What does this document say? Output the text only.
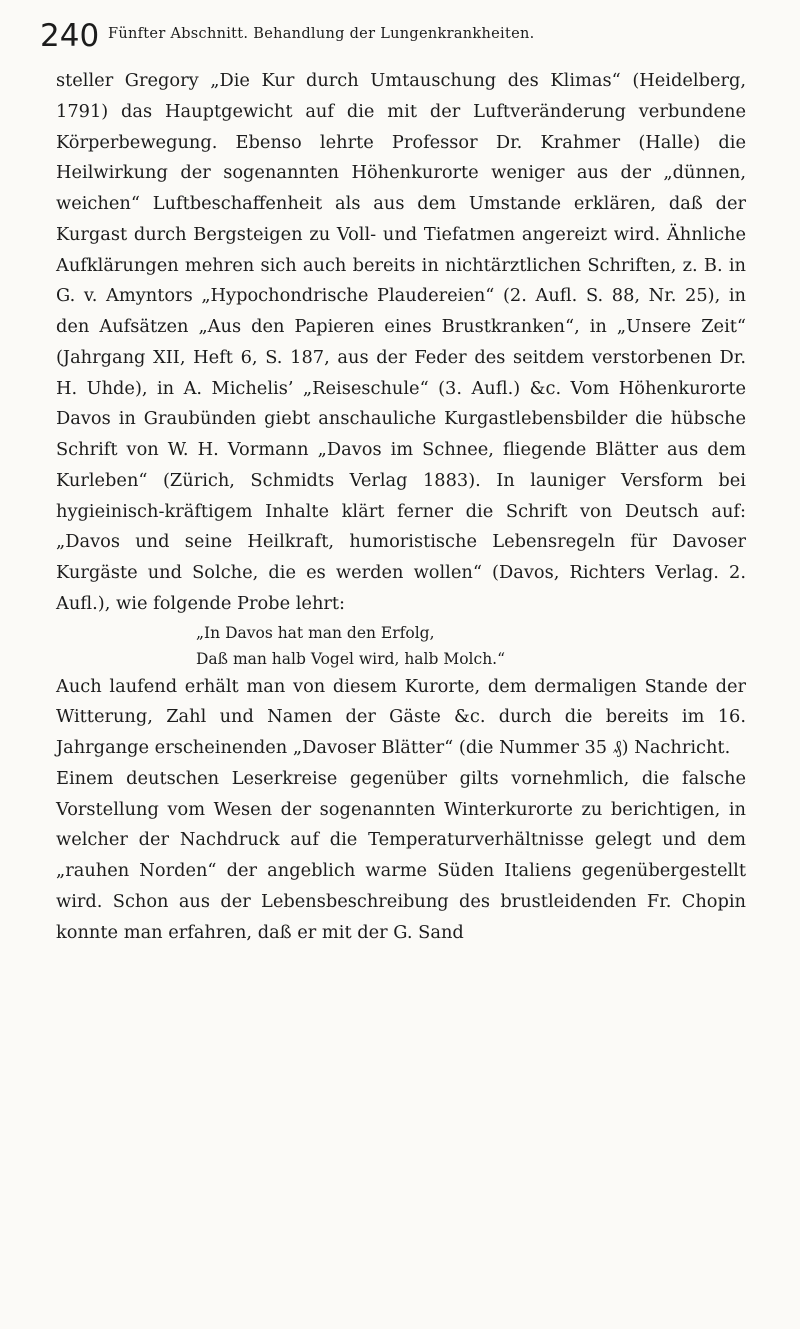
240 Fünfter Abschnitt. Behandlung der Lungenkrankheiten.

steller Gregory „Die Kur durch Umtauschung des Klimas“ (Heidelberg, 1791) das Hauptgewicht auf die mit der Luftveränderung verbundene Körperbewegung. Ebenso lehrte Professor Dr. Krahmer (Halle) die Heilwirkung der sogenannten Höhenkurorte weniger aus der „dünnen, weichen“ Luftbeschaffenheit als aus dem Umstande erklären, daß der Kurgast durch Bergsteigen zu Voll- und Tiefatmen angereizt wird. Ähnliche Aufklärungen mehren sich auch bereits in nichtärztlichen Schriften, z. B. in G. v. Amyntors „Hypochondrische Plaudereien“ (2. Aufl. S. 88, Nr. 25), in den Aufsätzen „Aus den Papieren eines Brustkranken“, in „Unsere Zeit“ (Jahrgang XII, Heft 6, S. 187, aus der Feder des seitdem verstorbenen Dr. H. Uhde), in A. Michelis’ „Reiseschule“ (3. Aufl.) &c. Vom Höhenkurorte Davos in Graubünden giebt anschauliche Kurgastlebensbilder die hübsche Schrift von W. H. Vormann „Davos im Schnee, fliegende Blätter aus dem Kurleben“ (Zürich, Schmidts Verlag 1883). In launiger Versform bei hygieinisch-kräftigem Inhalte klärt ferner die Schrift von Deutsch auf: „Davos und seine Heilkraft, humoristische Lebensregeln für Davoser Kurgäste und Solche, die es werden wollen“ (Davos, Richters Verlag. 2. Aufl.), wie folgende Probe lehrt:

„In Davos hat man den Erfolg,
Daß man halb Vogel wird, halb Molch.“

Auch laufend erhält man von diesem Kurorte, dem dermaligen Stande der Witterung, Zahl und Namen der Gäste &c. durch die bereits im 16. Jahrgange erscheinenden „Davoser Blätter“ (die Nummer 35 ₰) Nachricht.

Einem deutschen Leserkreise gegenüber gilts vornehmlich, die falsche Vorstellung vom Wesen der sogenannten Winterkurorte zu berichtigen, in welcher der Nachdruck auf die Temperaturverhältnisse gelegt und dem „rauhen Norden“ der angeblich warme Süden Italiens gegenübergestellt wird. Schon aus der Lebensbeschreibung des brustleidenden Fr. Chopin konnte man erfahren, daß er mit der G. Sand
